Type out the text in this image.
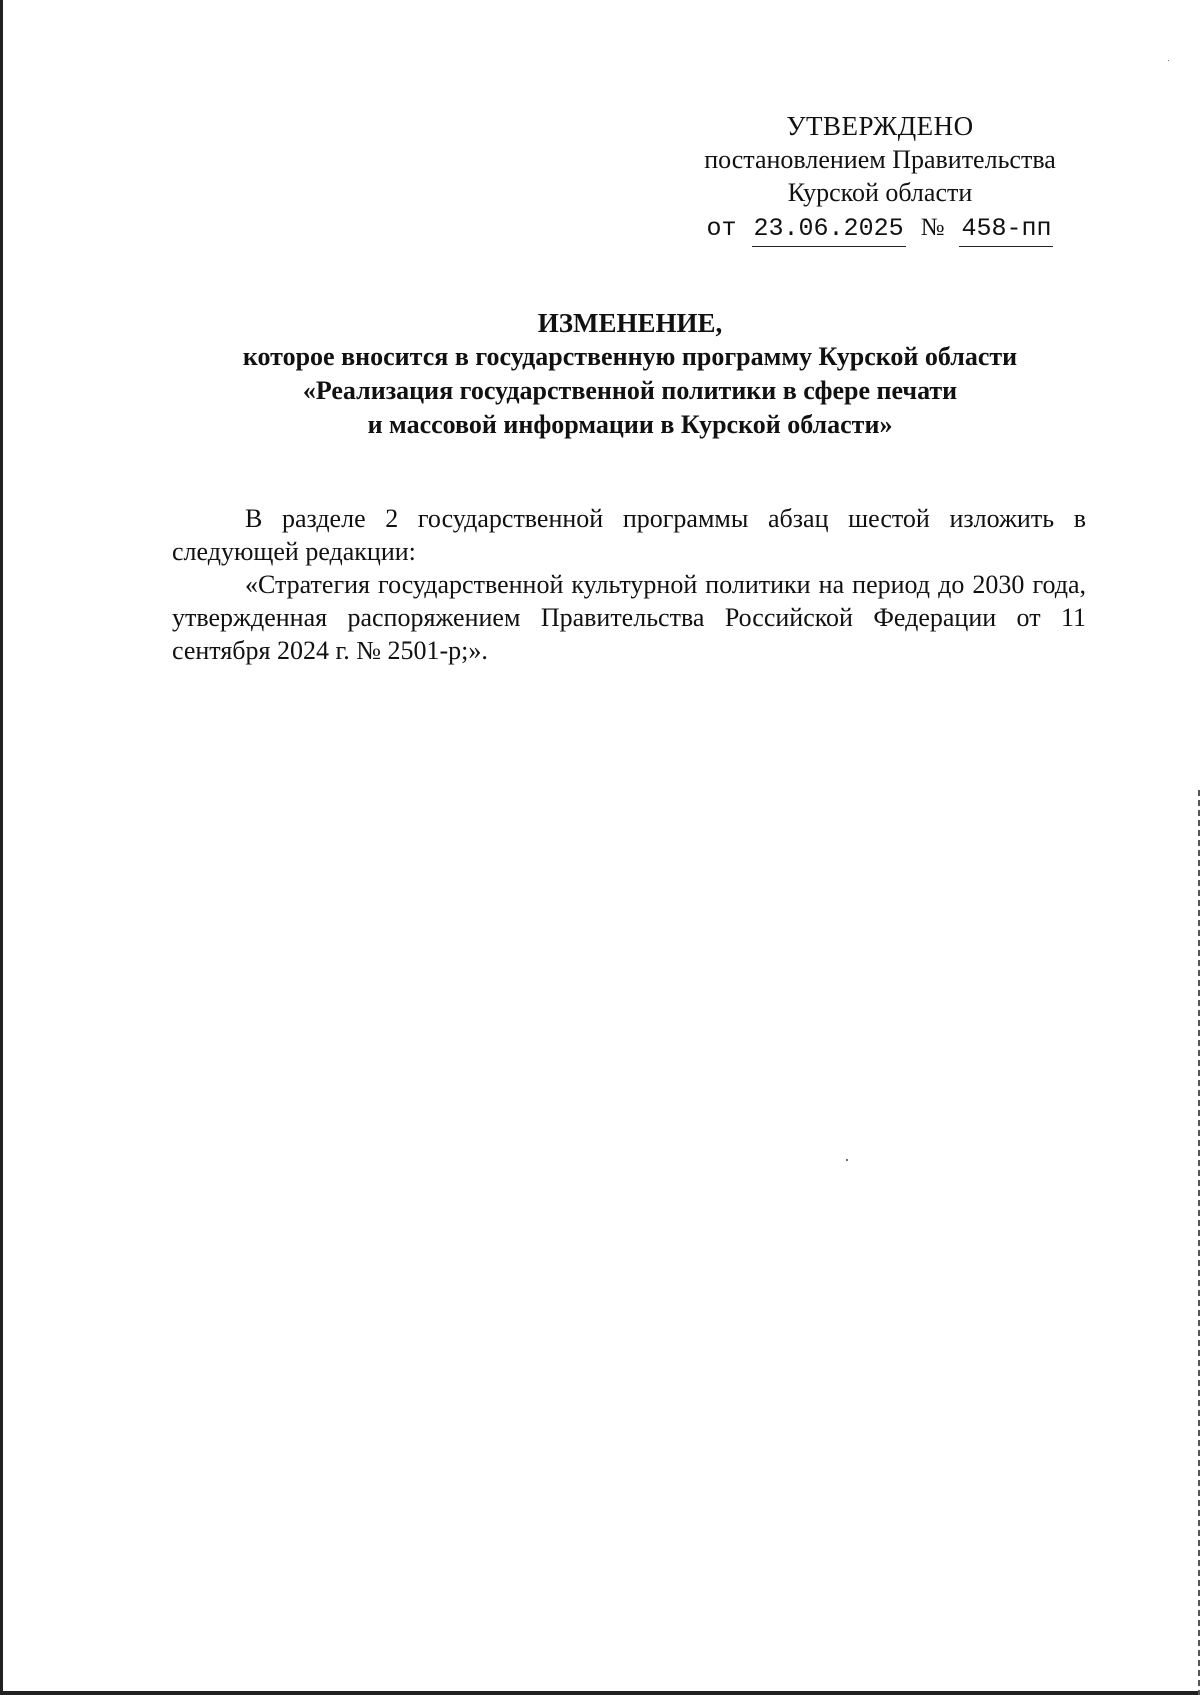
УТВЕРЖДЕНО
постановлением Правительства
Курской области
от 23.06.2025 № 458-пп
ИЗМЕНЕНИЕ,
которое вносится в государственную программу Курской области
«Реализация государственной политики в сфере печати
и массовой информации в Курской области»

В разделе 2 государственной программы абзац шестой изложить в следующей редакции:

«Стратегия государственной культурной политики на период до 2030 года, утвержденная распоряжением Правительства Российской Федерации от 11 сентября 2024 г. № 2501-р;».
